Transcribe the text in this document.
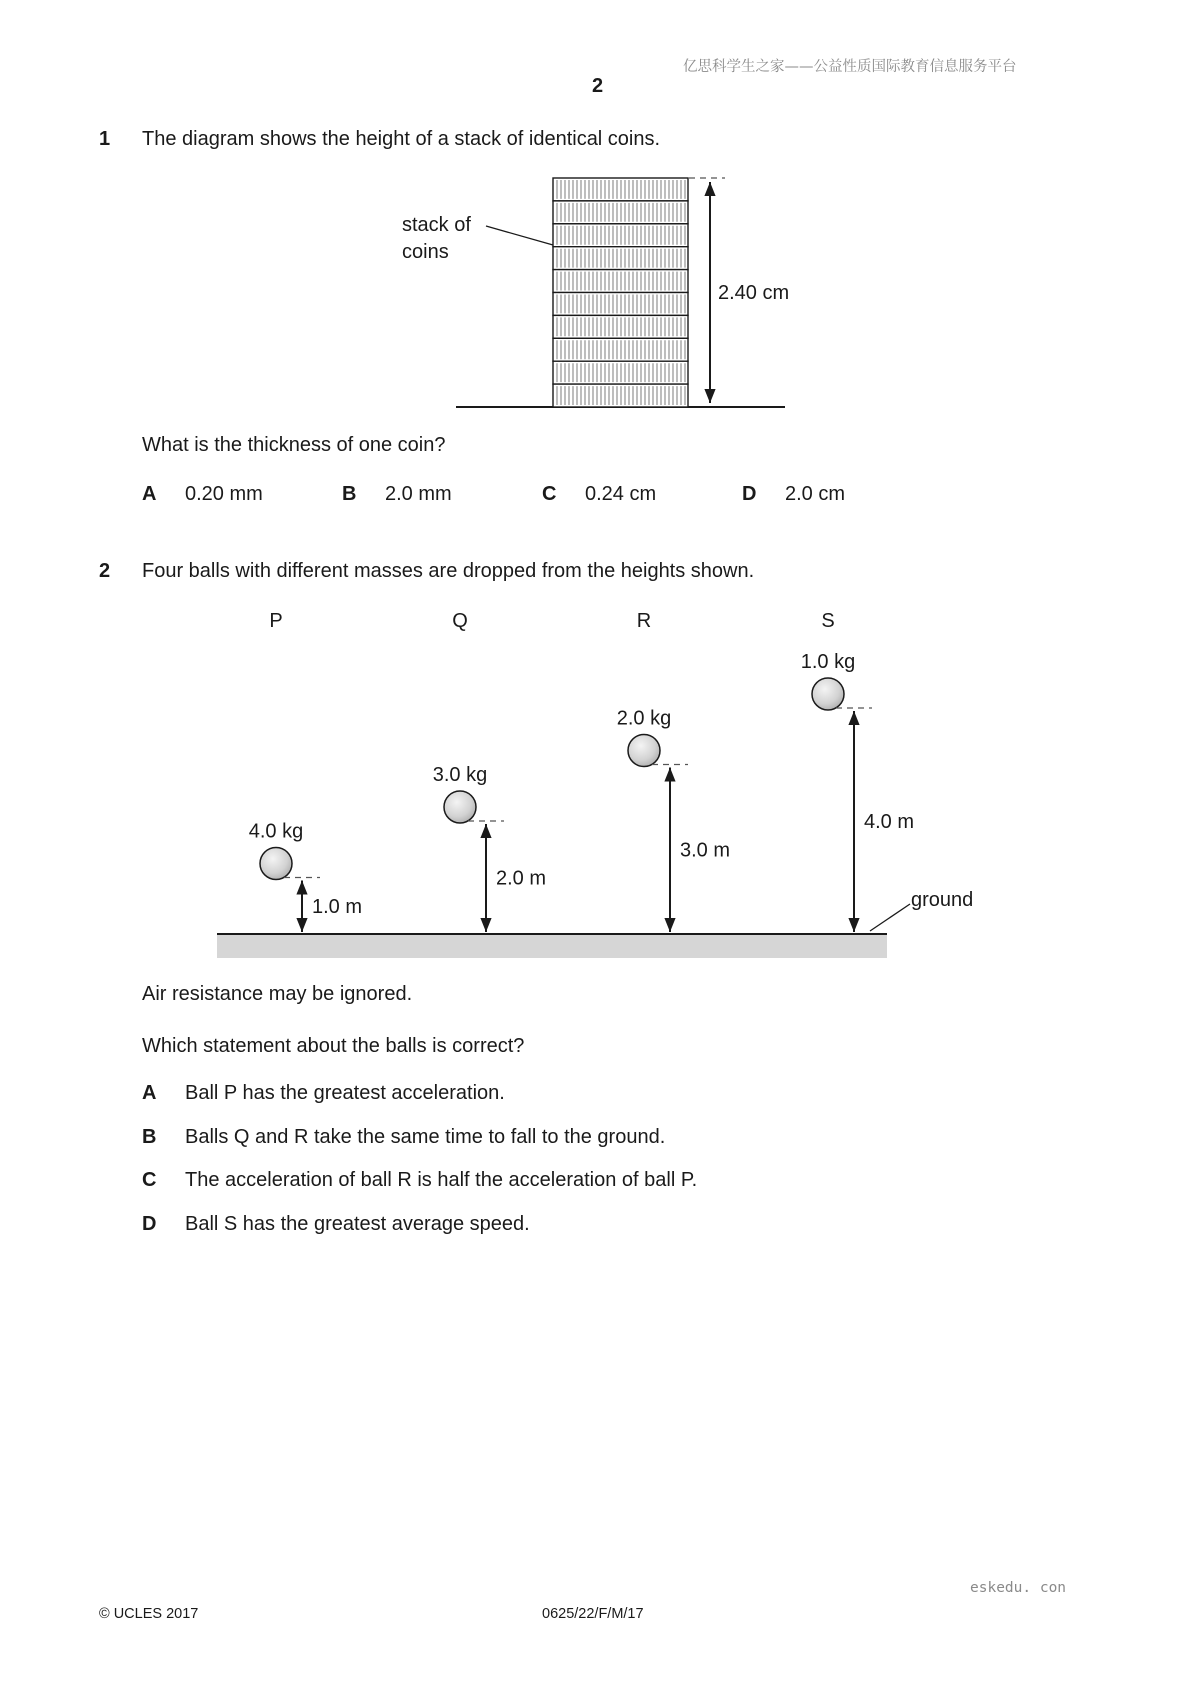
亿思科学生之家——公益性质国际教育信息服务平台
2
1 The diagram shows the height of a stack of identical coins.
stack of
coins
2.40 cm
What is the thickness of one coin?
A 0.20 mm	B 2.0 mm	C 0.24 cm	D 2.0 cm
2 Four balls with different masses are dropped from the heights shown.
ground
P
4.0 kg
1.0 m
Q
3.0 kg
2.0 m
R
2.0 kg
3.0 m
S
1.0 kg
4.0 m
Air resistance may be ignored.
Which statement about the balls is correct?
A Ball P has the greatest acceleration.
B Balls Q and R take the same time to fall to the ground.
C The acceleration of ball R is half the acceleration of ball P.
D Ball S has the greatest average speed.
eskedu. con
© UCLES 2017	0625/22/F/M/17
